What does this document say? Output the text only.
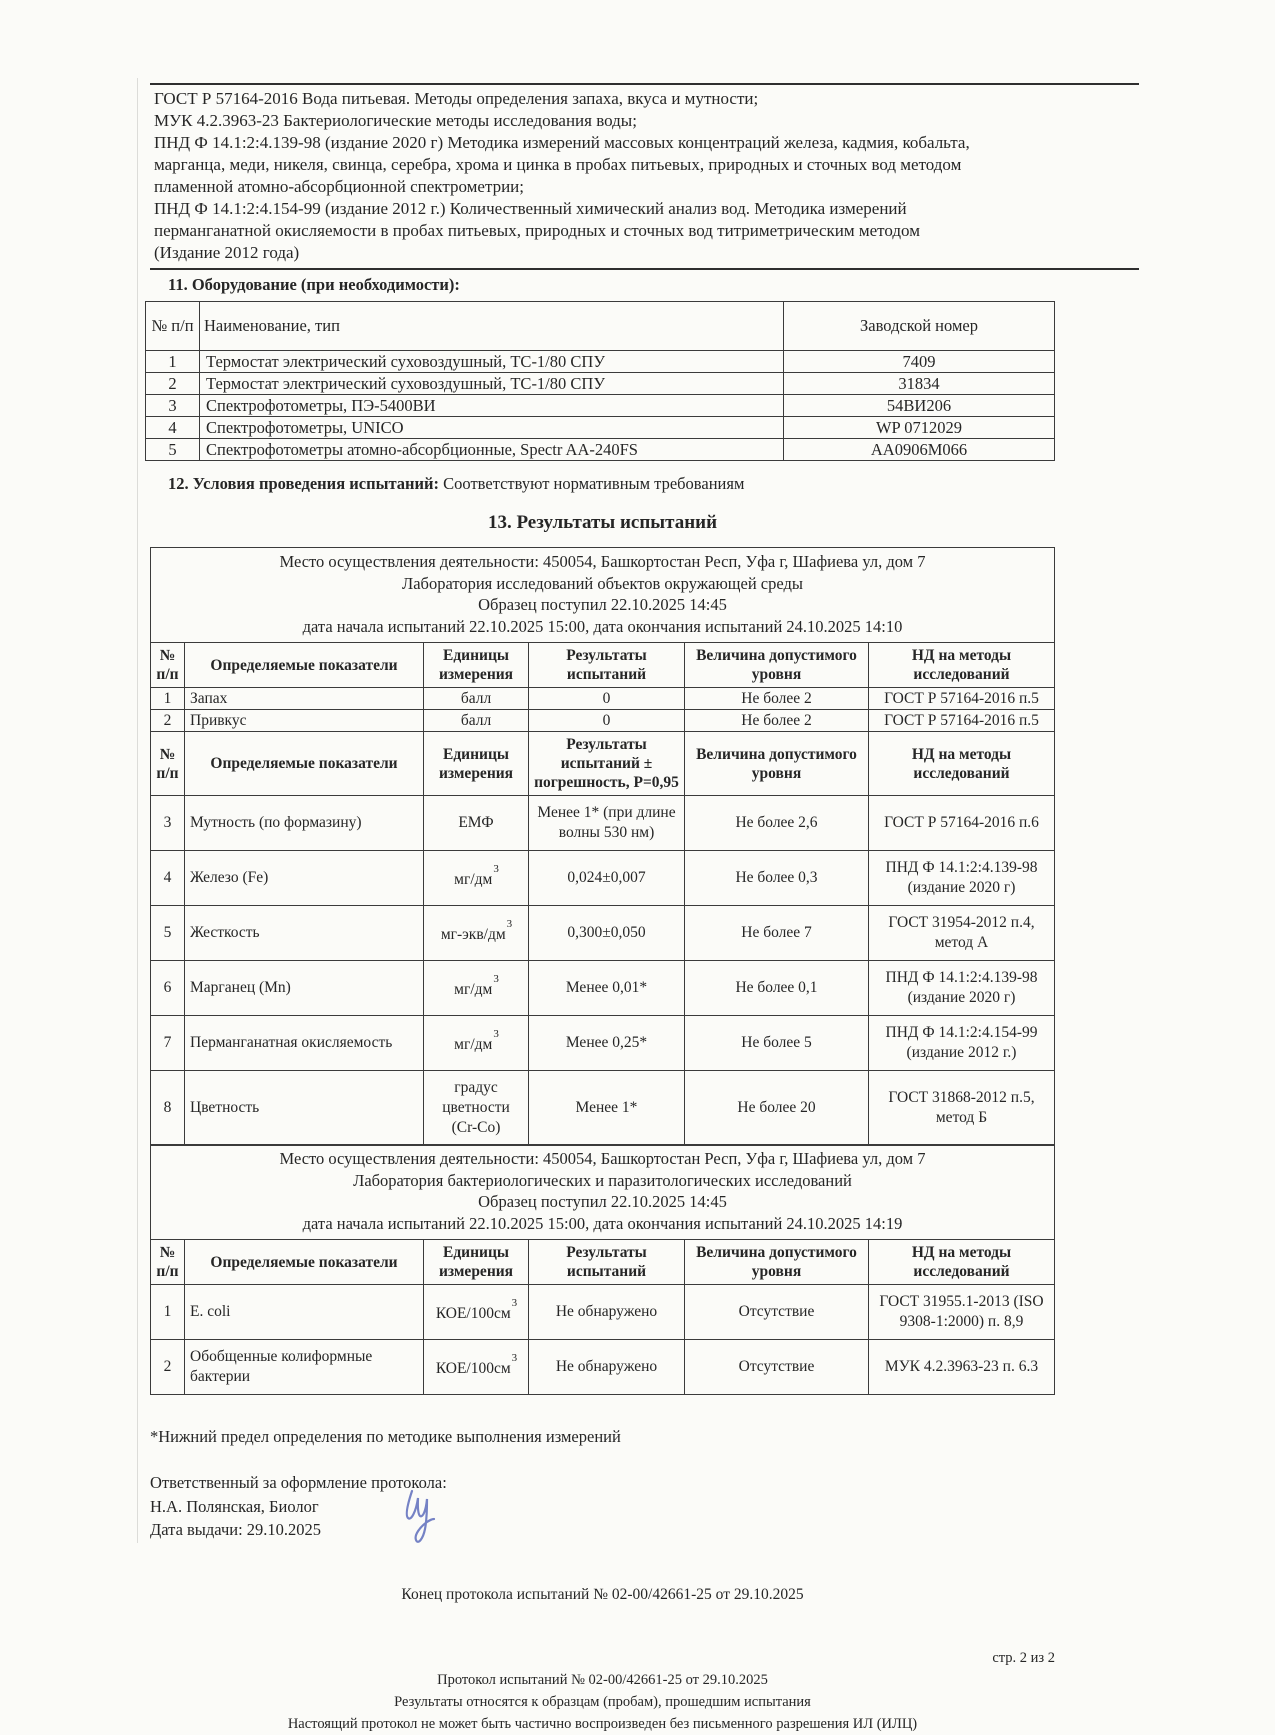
ГОСТ Р 57164-2016 Вода питьевая. Методы определения запаха, вкуса и мутности;
МУК 4.2.3963-23 Бактериологические методы исследования воды;
ПНД Ф 14.1:2:4.139-98 (издание 2020 г) Методика измерений массовых концентраций железа, кадмия, кобальта,
марганца, меди, никеля, свинца, серебра, хрома и цинка в пробах питьевых, природных и сточных вод методом
пламенной атомно-абсорбционной спектрометрии;
ПНД Ф 14.1:2:4.154-99 (издание 2012 г.) Количественный химический анализ вод. Методика измерений
перманганатной окисляемости в пробах питьевых, природных и сточных вод титриметрическим методом
(Издание 2012 года)
11. Оборудование (при необходимости):
№ п/п	Наименование, тип	Заводской номер
1	Термостат электрический суховоздушный, ТС-1/80 СПУ	7409
2	Термостат электрический суховоздушный, ТС-1/80 СПУ	31834
3	Спектрофотометры, ПЭ-5400ВИ	54ВИ206
4	Спектрофотометры, UNICO	WP 0712029
5	Спектрофотометры атомно-абсорбционные, Spectr AA-240FS	AA0906M066
12. Условия проведения испытаний: Соответствуют нормативным требованиям
13. Результаты испытаний
Место осуществления деятельности: 450054, Башкортостан Респ, Уфа г, Шафиева ул, дом 7
Лаборатория исследований объектов окружающей среды
Образец поступил 22.10.2025 14:45
дата начала испытаний 22.10.2025 15:00, дата окончания испытаний 24.10.2025 14:10					

№ п/п	Определяемые показатели	Единицы измерения	Результаты испытаний	Величина допустимого уровня	НД на методы исследований
1	Запах	балл	0	Не более 2	ГОСТ Р 57164-2016 п.5
2	Привкус	балл	0	Не более 2	ГОСТ Р 57164-2016 п.5
№ п/п	Определяемые показатели	Единицы измерения	Результаты испытаний ± погрешность, Р=0,95	Величина допустимого уровня	НД на методы исследований
3	Мутность (по формазину)	ЕМФ	Менее 1* (при длине волны 530 нм)	Не более 2,6	ГОСТ Р 57164-2016 п.6
4	Железо (Fe)	$мг/дм^3$	0,024±0,007	Не более 0,3	ПНД Ф 14.1:2:4.139-98 (издание 2020 г)
5	Жесткость	$мг-экв/дм^3$	0,300±0,050	Не более 7	ГОСТ 31954-2012 п.4, метод А
6	Марганец (Mn)	$мг/дм^3$	Менее 0,01*	Не более 0,1	ПНД Ф 14.1:2:4.139-98 (издание 2020 г)
7	Перманганатная окисляемость	$мг/дм^3$	Менее 0,25*	Не более 5	ПНД Ф 14.1:2:4.154-99 (издание 2012 г.)
8	Цветность	градус цветности (Cr-Co)	Менее 1*	Не более 20	ГОСТ 31868-2012 п.5, метод Б
Место осуществления деятельности: 450054, Башкортостан Респ, Уфа г, Шафиева ул, дом 7
Лаборатория бактериологических и паразитологических исследований
Образец поступил 22.10.2025 14:45
дата начала испытаний 22.10.2025 15:00, дата окончания испытаний 24.10.2025 14:19					

№ п/п	Определяемые показатели	Единицы измерения	Результаты испытаний	Величина допустимого уровня	НД на методы исследований
1	E. coli	КОЕ/$100см^3$	Не обнаружено	Отсутствие	ГОСТ 31955.1-2013 (ISO 9308-1:2000) п. 8,9
2	Обобщенные колиформные бактерии	КОЕ/$100см^3$	Не обнаружено	Отсутствие	МУК 4.2.3963-23 п. 6.3
*Нижний предел определения по методике выполнения измерений
Ответственный за оформление протокола:
Н.А. Полянская, Биолог
Дата выдачи: 29.10.2025
Конец протокола испытаний № 02-00/42661-25 от 29.10.2025
стр. 2 из 2
Протокол испытаний № 02-00/42661-25 от 29.10.2025
Результаты относятся к образцам (пробам), прошедшим испытания
Настоящий протокол не может быть частично воспроизведен без письменного разрешения ИЛ (ИЛЦ)
